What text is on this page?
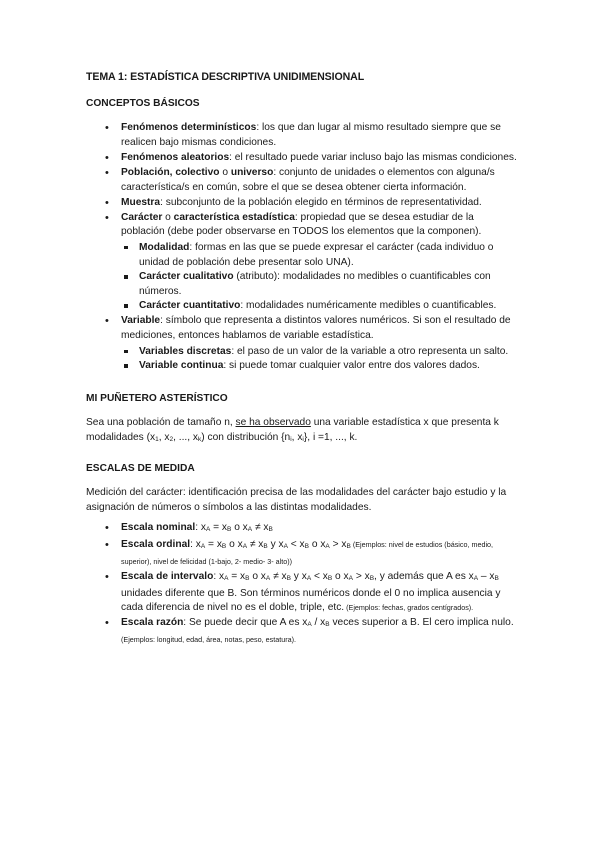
TEMA 1: ESTADÍSTICA DESCRIPTIVA UNIDIMENSIONAL
CONCEPTOS BÁSICOS
• Fenómenos determinísticos: los que dan lugar al mismo resultado siempre que se realicen bajo mismas condiciones.
• Fenómenos aleatorios: el resultado puede variar incluso bajo las mismas condiciones.
• Población, colectivo o universo: conjunto de unidades o elementos con alguna/s característica/s en común, sobre el que se desea obtener cierta información.
• Muestra: subconjunto de la población elegido en términos de representatividad.
• Carácter o característica estadística: propiedad que se desea estudiar de la población (debe poder observarse en TODOS los elementos que la componen).
Modalidad: formas en las que se puede expresar el carácter (cada individuo o unidad de población debe presentar solo UNA).
Carácter cualitativo (atributo): modalidades no medibles o cuantificables con números.
Carácter cuantitativo: modalidades numéricamente medibles o cuantificables.
• Variable: símbolo que representa a distintos valores numéricos. Si son el resultado de mediciones, entonces hablamos de variable estadística.
Variables discretas: el paso de un valor de la variable a otro representa un salto.
Variable continua: si puede tomar cualquier valor entre dos valores dados.
MI PUÑETERO ASTERÍSTICO

Sea una población de tamaño n, se ha observado una variable estadística x que presenta k modalidades (x1, x2, ..., xk) con distribución {ni, xi}, i =1, ..., k.

ESCALAS DE MEDIDA

Medición del carácter: identificación precisa de las modalidades del carácter bajo estudio y la asignación de números o símbolos a las distintas modalidades.

• Escala nominal: xA = xB o xA ≠ xB
• Escala ordinal: xA = xB o xA ≠ xB y xA < xB o xA > xB (Ejemplos: nivel de estudios (básico, medio, superior), nivel de felicidad (1-bajo, 2- medio- 3- alto))
• Escala de intervalo: xA = xB o xA ≠ xB y xA < xB o xA > xB, y además que A es xA – xB unidades diferente que B. Son términos numéricos donde el 0 no implica ausencia y cada diferencia de nivel no es el doble, triple, etc. (Ejemplos: fechas, grados centígrados).
• Escala razón: Se puede decir que A es xA / xB veces superior a B. El cero implica nulo. (Ejemplos: longitud, edad, área, notas, peso, estatura).
